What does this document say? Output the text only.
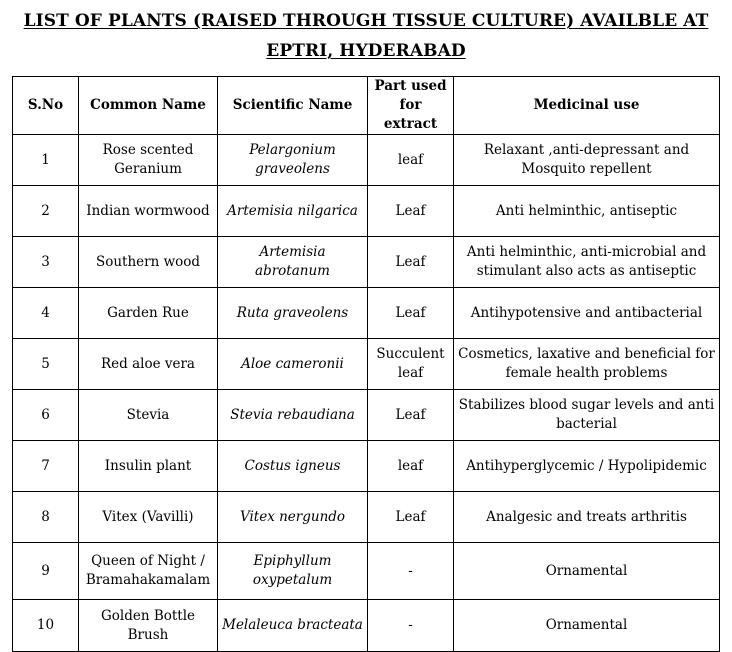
LIST OF PLANTS (RAISED THROUGH TISSUE CULTURE) AVAILBLE AT
EPTRI, HYDERABAD
S.No	Common Name	Scientific Name	Part used for extract	Medicinal use
1	Rose scented Geranium	Pelargonium graveolens	leaf	Relaxant ,anti-depressant and Mosquito repellent
2	Indian wormwood	Artemisia nilgarica	Leaf	Anti helminthic, antiseptic
3	Southern wood	Artemisia abrotanum	Leaf	Anti helminthic, anti-microbial and stimulant also acts as antiseptic
4	Garden Rue	Ruta graveolens	Leaf	Antihypotensive and antibacterial
5	Red aloe vera	Aloe cameronii	Succulent leaf	Cosmetics, laxative and beneficial for female health problems
6	Stevia	Stevia rebaudiana	Leaf	Stabilizes blood sugar levels and anti bacterial
7	Insulin plant	Costus igneus	leaf	Antihyperglycemic / Hypolipidemic
8	Vitex (Vavilli)	Vitex nergundo	Leaf	Analgesic and treats arthritis
9	Queen of Night / Bramahakamalam	Epiphyllum oxypetalum	-	Ornamental
10	Golden Bottle Brush	Melaleuca bracteata	-	Ornamental
